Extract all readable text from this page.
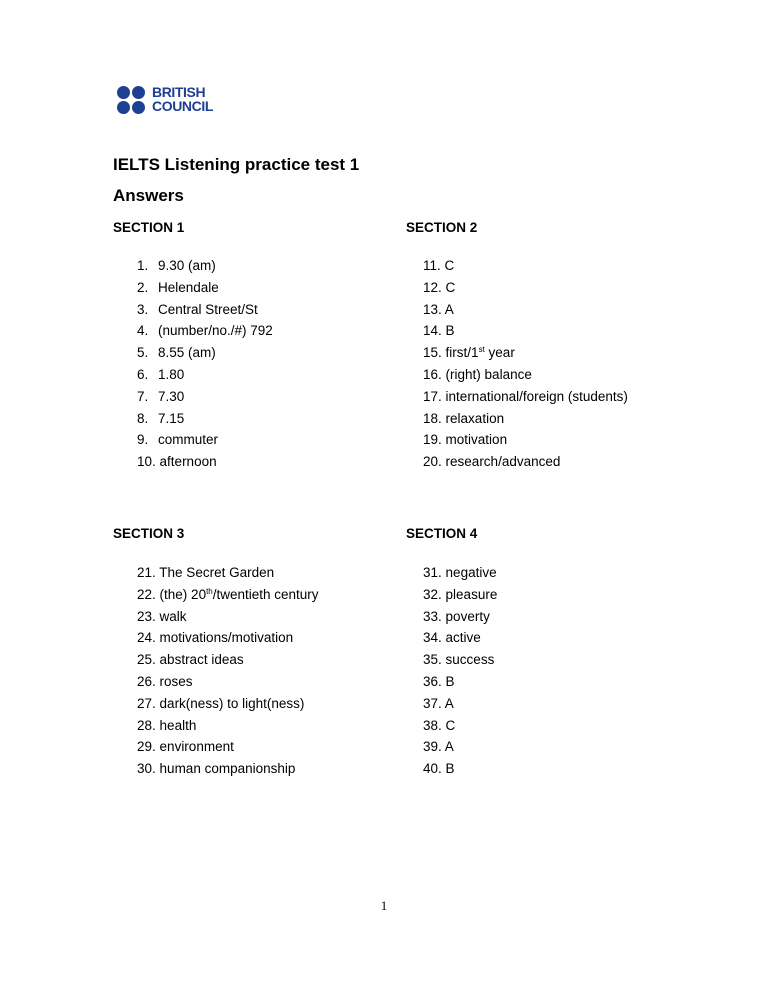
BRITISH
COUNCIL
IELTS Listening practice test 1
Answers
SECTION 1
1. 9.30 (am)
2. Helendale
3. Central Street/St
4. (number/no./#) 792
5. 8.55 (am)
6. 1.80
7. 7.30
8. 7.15
9. commuter
10. afternoon
SECTION 2
11. C
12. C
13. A
14. B
15. first/1st year
16. (right) balance
17. international/foreign (students)
18. relaxation
19. motivation
20. research/advanced
SECTION 3
21. The Secret Garden
22. (the) 20th/twentieth century
23. walk
24. motivations/motivation
25. abstract ideas
26. roses
27. dark(ness) to light(ness)
28. health
29. environment
30. human companionship
SECTION 4
31. negative
32. pleasure
33. poverty
34. active
35. success
36. B
37. A
38. C
39. A
40. B
1
